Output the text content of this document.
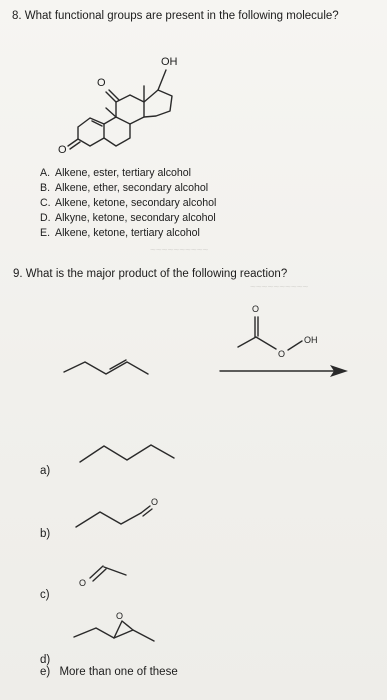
~~~~~~~~~~
~~~~~~~~~~
8. What functional groups are present in the following molecule?
O
O
OH
A. Alkene, ester, tertiary alcohol
B. Alkene, ether, secondary alcohol
C. Alkene, ketone, secondary alcohol
D. Alkyne, ketone, secondary alcohol
E. Alkene, ketone, tertiary alcohol
9. What is the major product of the following reaction?
O
O
OH
O
O
O
a)
b)
c)
d)
e) More than one of these
